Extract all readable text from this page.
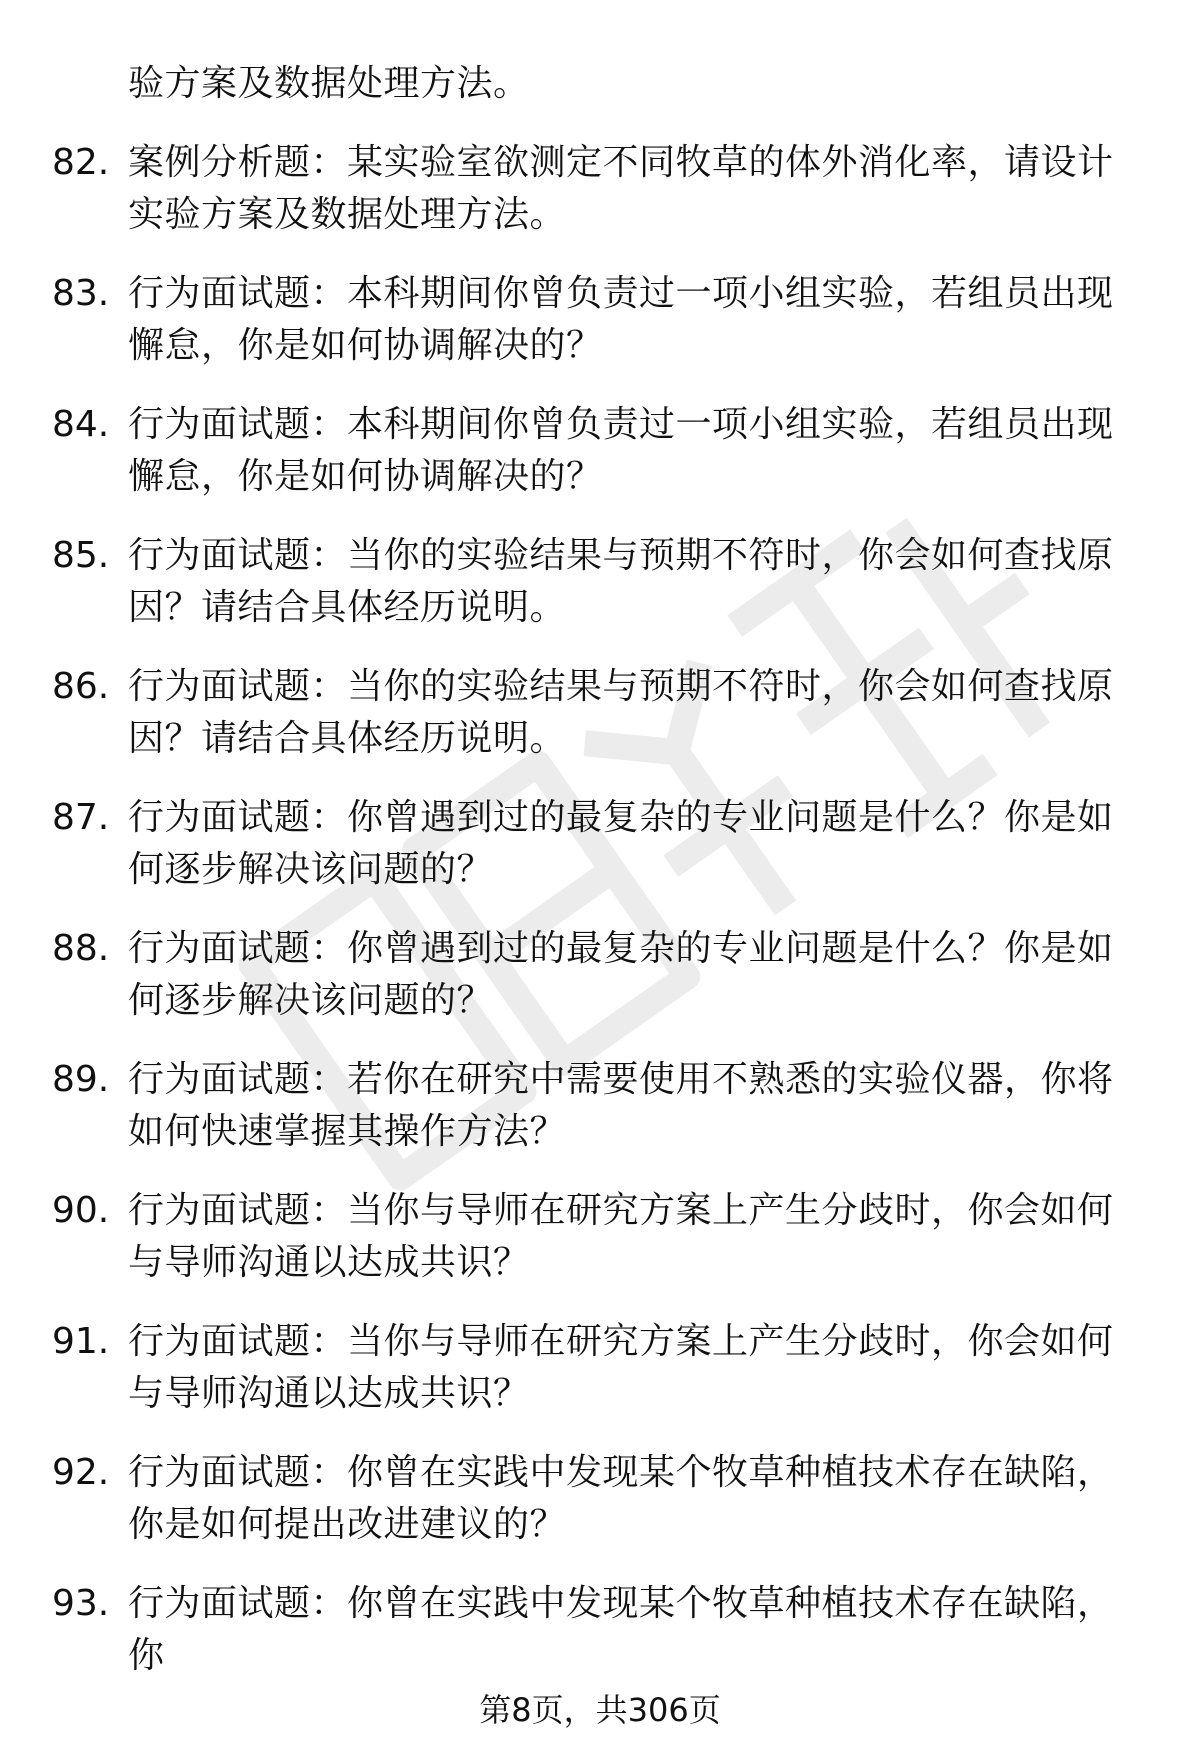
验方案及数据处理方法。
82. 案例分析题：某实验室欲测定不同牧草的体外消化率，请设计实验方案及数据处理方法。
83. 行为面试题：本科期间你曾负责过一项小组实验，若组员出现懈怠，你是如何协调解决的？
84. 行为面试题：本科期间你曾负责过一项小组实验，若组员出现懈怠，你是如何协调解决的？
85. 行为面试题：当你的实验结果与预期不符时，你会如何查找原因？请结合具体经历说明。
86. 行为面试题：当你的实验结果与预期不符时，你会如何查找原因？请结合具体经历说明。
87. 行为面试题：你曾遇到过的最复杂的专业问题是什么？你是如何逐步解决该问题的？
88. 行为面试题：你曾遇到过的最复杂的专业问题是什么？你是如何逐步解决该问题的？
89. 行为面试题：若你在研究中需要使用不熟悉的实验仪器，你将如何快速掌握其操作方法？
90. 行为面试题：当你与导师在研究方案上产生分歧时，你会如何与导师沟通以达成共识？
91. 行为面试题：当你与导师在研究方案上产生分歧时，你会如何与导师沟通以达成共识？
92. 行为面试题：你曾在实践中发现某个牧草种植技术存在缺陷，你是如何提出改进建议的？
93. 行为面试题：你曾在实践中发现某个牧草种植技术存在缺陷，你
第8页，共306页
